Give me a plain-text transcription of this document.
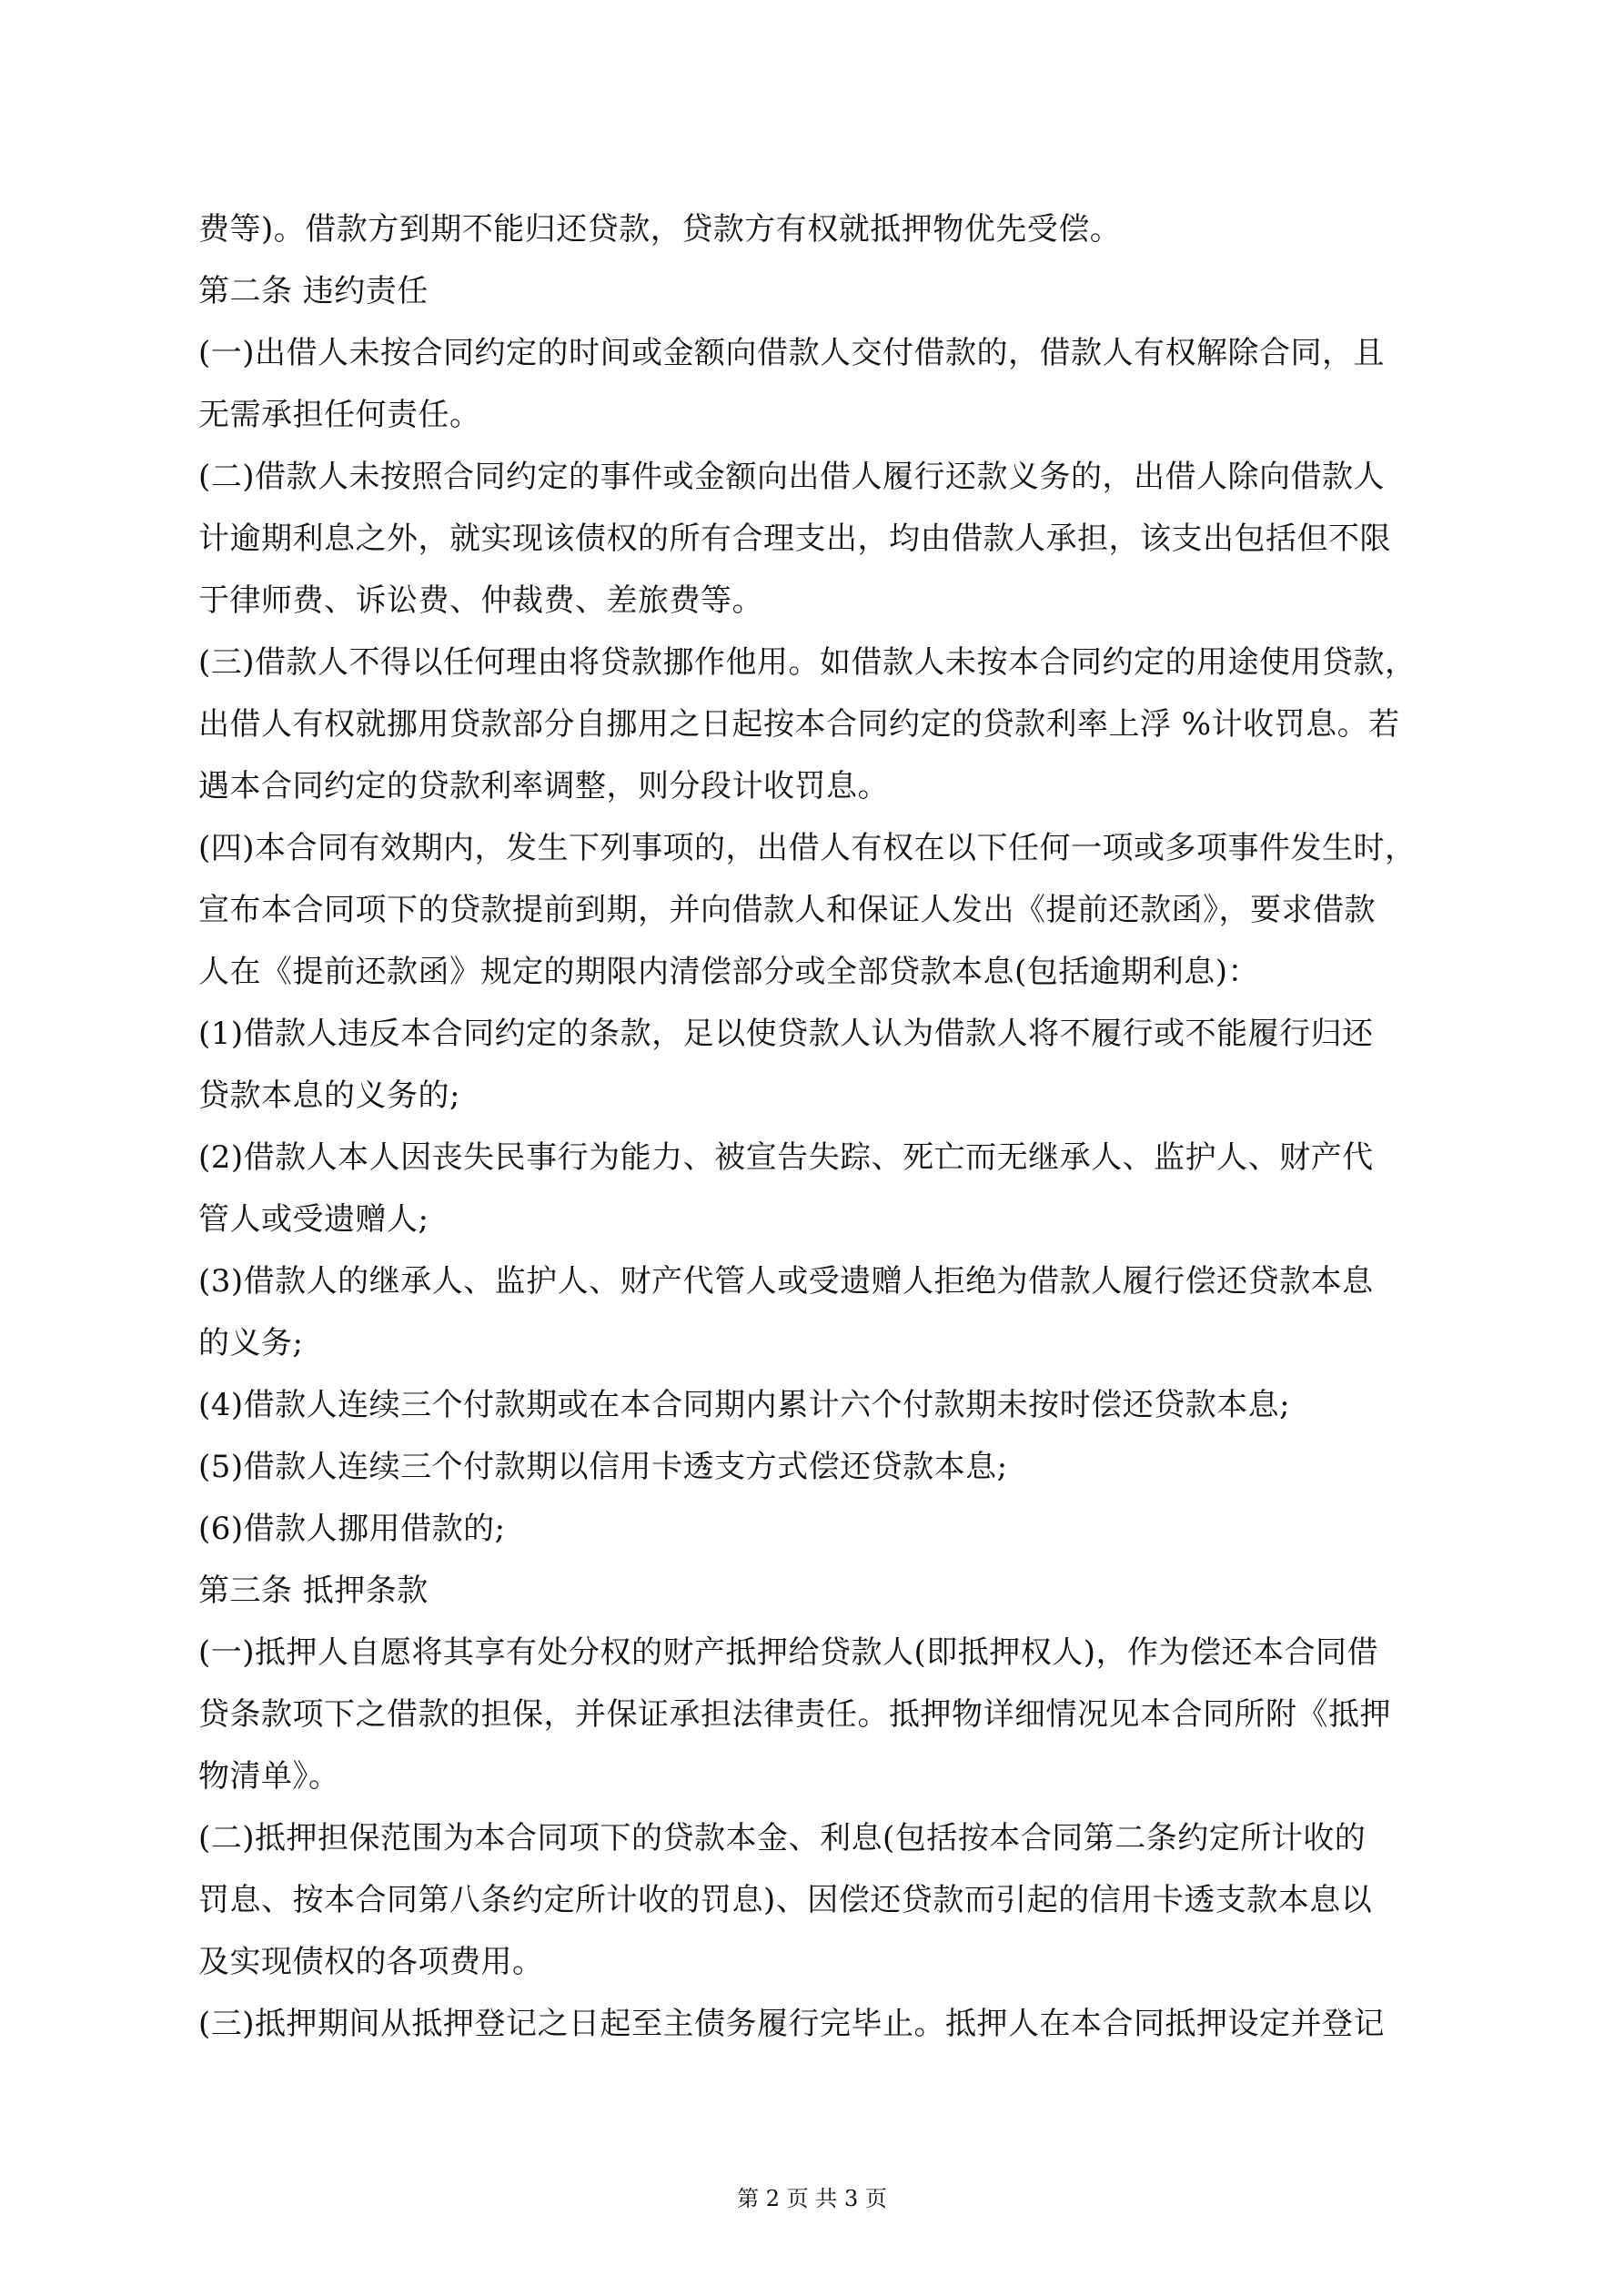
费等)。借款方到期不能归还贷款，贷款方有权就抵押物优先受偿。
第二条 违约责任
(一)出借人未按合同约定的时间或金额向借款人交付借款的，借款人有权解除合同，且
无需承担任何责任。
(二)借款人未按照合同约定的事件或金额向出借人履行还款义务的，出借人除向借款人
计逾期利息之外，就实现该债权的所有合理支出，均由借款人承担，该支出包括但不限
于律师费、诉讼费、仲裁费、差旅费等。
(三)借款人不得以任何理由将贷款挪作他用。如借款人未按本合同约定的用途使用贷款，
出借人有权就挪用贷款部分自挪用之日起按本合同约定的贷款利率上浮 %计收罚息。若
遇本合同约定的贷款利率调整，则分段计收罚息。
(四)本合同有效期内，发生下列事项的，出借人有权在以下任何一项或多项事件发生时，
宣布本合同项下的贷款提前到期，并向借款人和保证人发出《提前还款函》，要求借款
人在《提前还款函》规定的期限内清偿部分或全部贷款本息(包括逾期利息)：
(1)借款人违反本合同约定的条款，足以使贷款人认为借款人将不履行或不能履行归还
贷款本息的义务的;
(2)借款人本人因丧失民事行为能力、被宣告失踪、死亡而无继承人、监护人、财产代
管人或受遗赠人;
(3)借款人的继承人、监护人、财产代管人或受遗赠人拒绝为借款人履行偿还贷款本息
的义务;
(4)借款人连续三个付款期或在本合同期内累计六个付款期未按时偿还贷款本息;
(5)借款人连续三个付款期以信用卡透支方式偿还贷款本息;
(6)借款人挪用借款的;
第三条 抵押条款
(一)抵押人自愿将其享有处分权的财产抵押给贷款人(即抵押权人)，作为偿还本合同借
贷条款项下之借款的担保，并保证承担法律责任。抵押物详细情况见本合同所附《抵押
物清单》。
(二)抵押担保范围为本合同项下的贷款本金、利息(包括按本合同第二条约定所计收的
罚息、按本合同第八条约定所计收的罚息)、因偿还贷款而引起的信用卡透支款本息以
及实现债权的各项费用。
(三)抵押期间从抵押登记之日起至主债务履行完毕止。抵押人在本合同抵押设定并登记
第 2 页 共 3 页
